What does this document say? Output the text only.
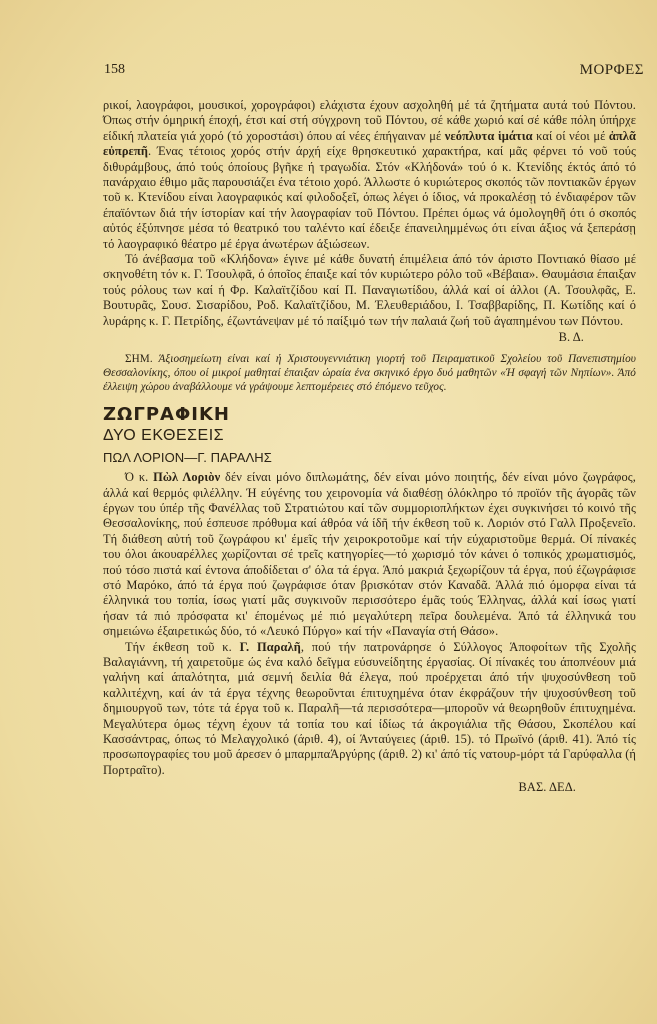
158	ΜΟΡΦΕΣ

ρικοί, λαογράφοι, μουσικοί, χορογράφοι) ελάχιστα έχουν ασχοληθή μέ τά ζητήματα αυτά τού Πόντου. Όπως στήν όμηρική έποχή, έτσι καί στή σύγχρονη τοῦ Πόντου, σέ κάθε χωριό καί σέ κάθε πόλη ύπήρχε είδική πλατεία γιά χορό (τό χοροστάσι) όπου αί νέες έπήγαιναν μέ νεόπλυτα ἱμάτια καί οί νέοι μέ ἁπλᾶ εὐπρεπῆ. Ένας τέτοιος χορός στήν άρχή είχε θρησκευτικό χαρακτήρα, καί μᾶς φέρνει τό νοῦ τούς διθυράμβους, άπό τούς όποίους βγῆκε ή τραγωδία. Στόν «Κλήδονά» τού ό κ. Κτενίδης έκτός άπό τό πανάρχαιο έθιμο μᾶς παρουσιάζει ένα τέτοιο χορό. Άλλωστε ό κυριώτερος σκοπός τῶν ποντιακῶν έργων τοῦ κ. Κτενίδου είναι λαογραφικός καί φιλοδοξεῖ, όπως λέγει ό ίδιος, νά προκαλέσῃ τό ένδιαφέρον τῶν έπαϊόντων διά τήν ίστορίαν καί τήν λαογραφίαν τοῦ Πόντου. Πρέπει όμως νά όμολογηθῆ ότι ό σκοπός αὐτός έξύπνησε μέσα τό θεατρικό του ταλέντο καί έδειξε έπανειλημμένως ότι είναι άξιος νά ξεπεράσῃ τό λαογραφικό θέατρο μέ έργα άνωτέρων άξιώσεων.

Τό άνέβασμα τοῦ «Κλήδονα» έγινε μέ κάθε δυνατή έπιμέλεια άπό τόν άριστο Ποντιακό θίασο μέ σκηνοθέτη τόν κ. Γ. Τσουλφᾶ, ό όποῖος έπαιξε καί τόν κυριώτερο ρόλο τοῦ «Βέβαια». Θαυμάσια έπαιξαν τούς ρόλους των καί ή Φρ. Καλαϊτζίδου καί Π. Παναγιωτίδου, άλλά καί οί άλλοι (Α. Τσουλφᾶς, Ε. Βουτυρᾶς, Σουσ. Σισαρίδου, Ροδ. Καλαϊτζίδου, Μ. Έλευθεριάδου, Ι. Τσαββαρίδης, Π. Κωτίδης καί ό λυράρης κ. Γ. Πετρίδης, έζωντάνεψαν μέ τό παίξιμό των τήν παλαιά ζωή τοῦ άγαπημένου των Πόντου.

Β. Δ.

ΣΗΜ. Άξιοσημείωτη είναι καί ή Χριστουγεννιάτικη γιορτή τοῦ Πειραματικοῦ Σχολείου τοῦ Πανεπιστημίου Θεσσαλονίκης, όπου οί μικροί μαθηταί έπαιξαν ώραία ένα σκηνικό έργο δυό μαθητῶν «Ή σφαγή τῶν Νηπίων». Άπό έλλειψη χώρου άναβάλλουμε νά γράψουμε λεπτομέρειες στό έπόμενο τεῦχος.

ΖΩΓΡΑΦΙΚΗ

ΔΥΟ ΕΚΘΕΣΕΙΣ

ΠΩΛ ΛΟΡΙΟΝ—Γ. ΠΑΡΑΛΗΣ

Ό κ. Πὼλ Λοριὸν δέν είναι μόνο διπλωμάτης, δέν είναι μόνο ποιητής, δέν είναι μόνο ζωγράφος, άλλά καί θερμός φιλέλλην. Ή εύγένης του χειρονομία νά διαθέσῃ όλόκληρο τό προϊόν τῆς άγορᾶς τῶν έργων του ύπέρ τῆς Φανέλλας τοῦ Στρατιώτου καί τῶν συμμοριοπλήκτων έχει συγκινήσει τό κοινό τῆς Θεσσαλονίκης, πού έσπευσε πρόθυμα καί άθρόα νά ίδῆ τήν έκθεση τοῦ κ. Λοριόν στό Γαλλ Προξενεῖο. Τή διάθεση αὐτή τοῦ ζωγράφου κι' έμεῖς τήν χειροκροτοῦμε καί τήν εύχαριστοῦμε θερμά. Οί πίνακές του όλοι άκουαρέλλες χωρίζονται σέ τρεῖς κατηγορίες—τό χωρισμό τόν κάνει ό τοπικός χρωματισμός, πού τόσο πιστά καί έντονα άποδίδεται σ' όλα τά έργα. Άπό μακριά ξεχωρίζουν τά έργα, πού έζωγράφισε στό Μαρόκο, άπό τά έργα πού ζωγράφισε όταν βρισκόταν στόν Καναδᾶ. Άλλά πιό όμορφα είναι τά έλληνικά του τοπία, ίσως γιατί μᾶς συγκινοῦν περισσότερο έμᾶς τούς Έλληνας, άλλά καί ίσως γιατί ήσαν τά πιό πρόσφατα κι' έπομένως μέ πιό μεγαλύτερη πεῖρα δουλεμένα. Άπό τά έλληνικά του σημειώνω έξαιρετικώς δύο, τό «Λευκό Πύργο» καί τήν «Παναγία στή Θάσο».

Τήν έκθεση τοῦ κ. Γ. Παραλῆ, πού τήν πατρονάρησε ό Σύλλογος Άποφοίτων τῆς Σχολῆς Βαλαγιάννη, τή χαιρετοῦμε ώς ένα καλό δεῖγμα εύσυνείδητης έργασίας. Οί πίνακές του άποπνέουν μιά γαλήνη καί άπαλότητα, μιά σεμνή δειλία θά έλεγα, πού προέρχεται άπό τήν ψυχοσύνθεση τοῦ καλλιτέχνη, καί άν τά έργα τέχνης θεωροῦνται έπιτυχημένα όταν έκφράζουν τήν ψυχοσύνθεση τοῦ δημιουργοῦ των, τότε τά έργα τοῦ κ. Παραλῆ—τά περισσότερα—μποροῦν νά θεωρηθοῦν έπιτυχημένα. Μεγαλύτερα όμως τέχνη έχουν τά τοπία του καί ίδίως τά άκρογιάλια τῆς Θάσου, Σκοπέλου καί Κασσάντρας, όπως τό Μελαγχολικό (άριθ. 4), οί Άνταύγειες (άριθ. 15). τό Πρωϊνό (άριθ. 41). Άπό τίς προσωπογραφίες του μοῦ άρεσεν ό μπαρμπαΆργύρης (άριθ. 2) κι' άπό τίς νατουρ-μόρτ τά Γαρύφαλλα (ή Πορτραῖτο).

ΒΑΣ. ΔΕΔ.
